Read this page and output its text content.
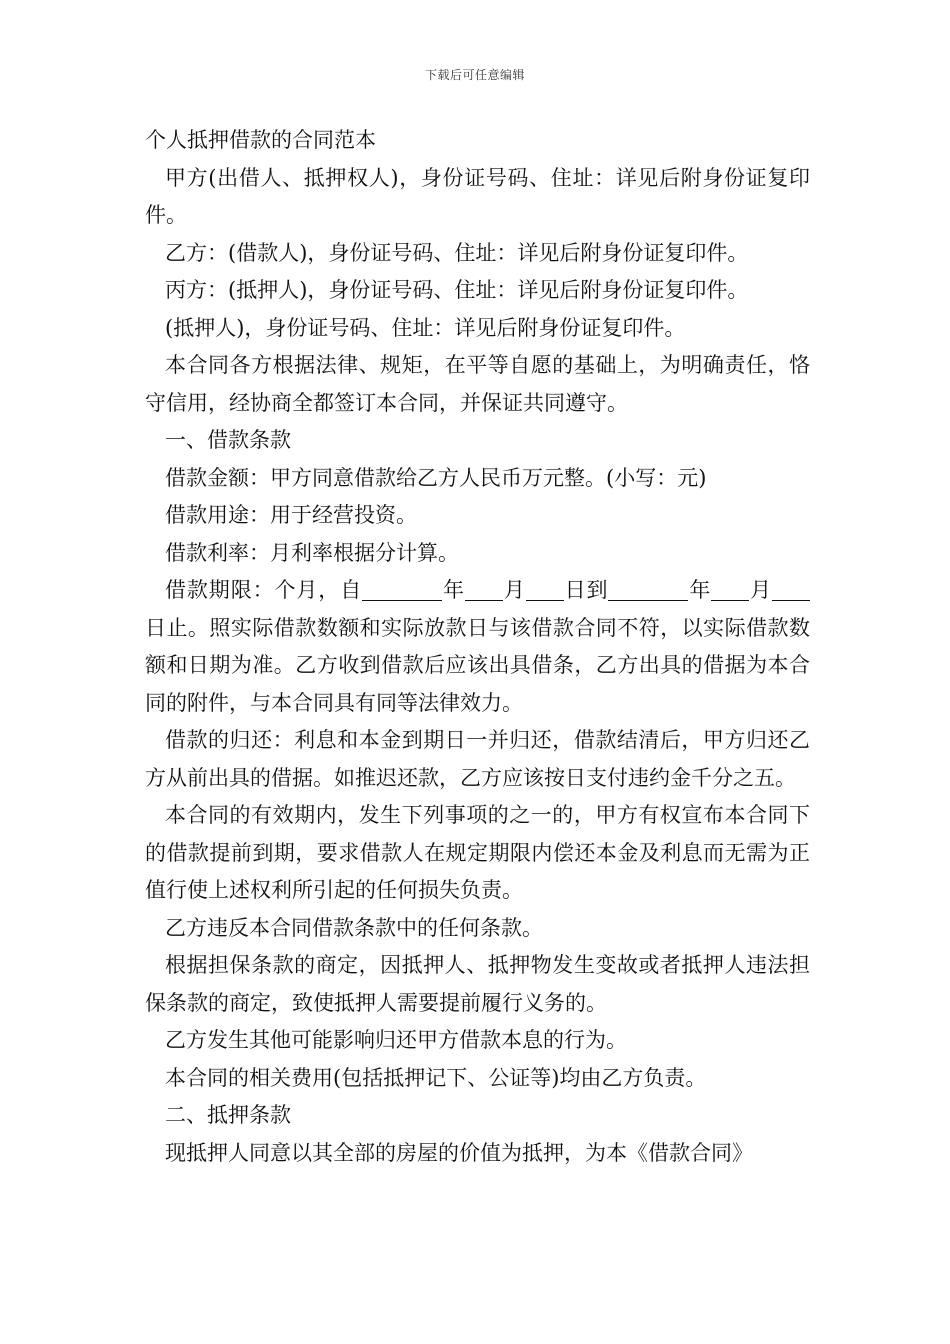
下载后可任意编辑

个人抵押借款的合同范本

甲方(出借人、抵押权人)，身份证号码、住址：详见后附身份证复印件。

乙方：(借款人)，身份证号码、住址：详见后附身份证复印件。

丙方：(抵押人)，身份证号码、住址：详见后附身份证复印件。

(抵押人)，身份证号码、住址：详见后附身份证复印件。

本合同各方根据法律、规矩，在平等自愿的基础上，为明确责任，恪守信用，经协商全都签订本合同，并保证共同遵守。

一、借款条款

借款金额：甲方同意借款给乙方人民币万元整。(小写：元)

借款用途：用于经营投资。

借款利率：月利率根据分计算。

借款期限：个月，自	年 月 日到	年 月日止。照实际借款数额和实际放款日与该借款合同不符，以实际借款数额和日期为准。乙方收到借款后应该出具借条，乙方出具的借据为本合同的附件，与本合同具有同等法律效力。

借款的归还：利息和本金到期日一并归还，借款结清后，甲方归还乙方从前出具的借据。如推迟还款，乙方应该按日支付违约金千分之五。

本合同的有效期内，发生下列事项的之一的，甲方有权宣布本合同下的借款提前到期，要求借款人在规定期限内偿还本金及利息而无需为正值行使上述权利所引起的任何损失负责。

乙方违反本合同借款条款中的任何条款。

根据担保条款的商定，因抵押人、抵押物发生变故或者抵押人违法担保条款的商定，致使抵押人需要提前履行义务的。

乙方发生其他可能影响归还甲方借款本息的行为。

本合同的相关费用(包括抵押记下、公证等)均由乙方负责。

二、抵押条款

现抵押人同意以其全部的房屋的价值为抵押，为本《借款合同》
